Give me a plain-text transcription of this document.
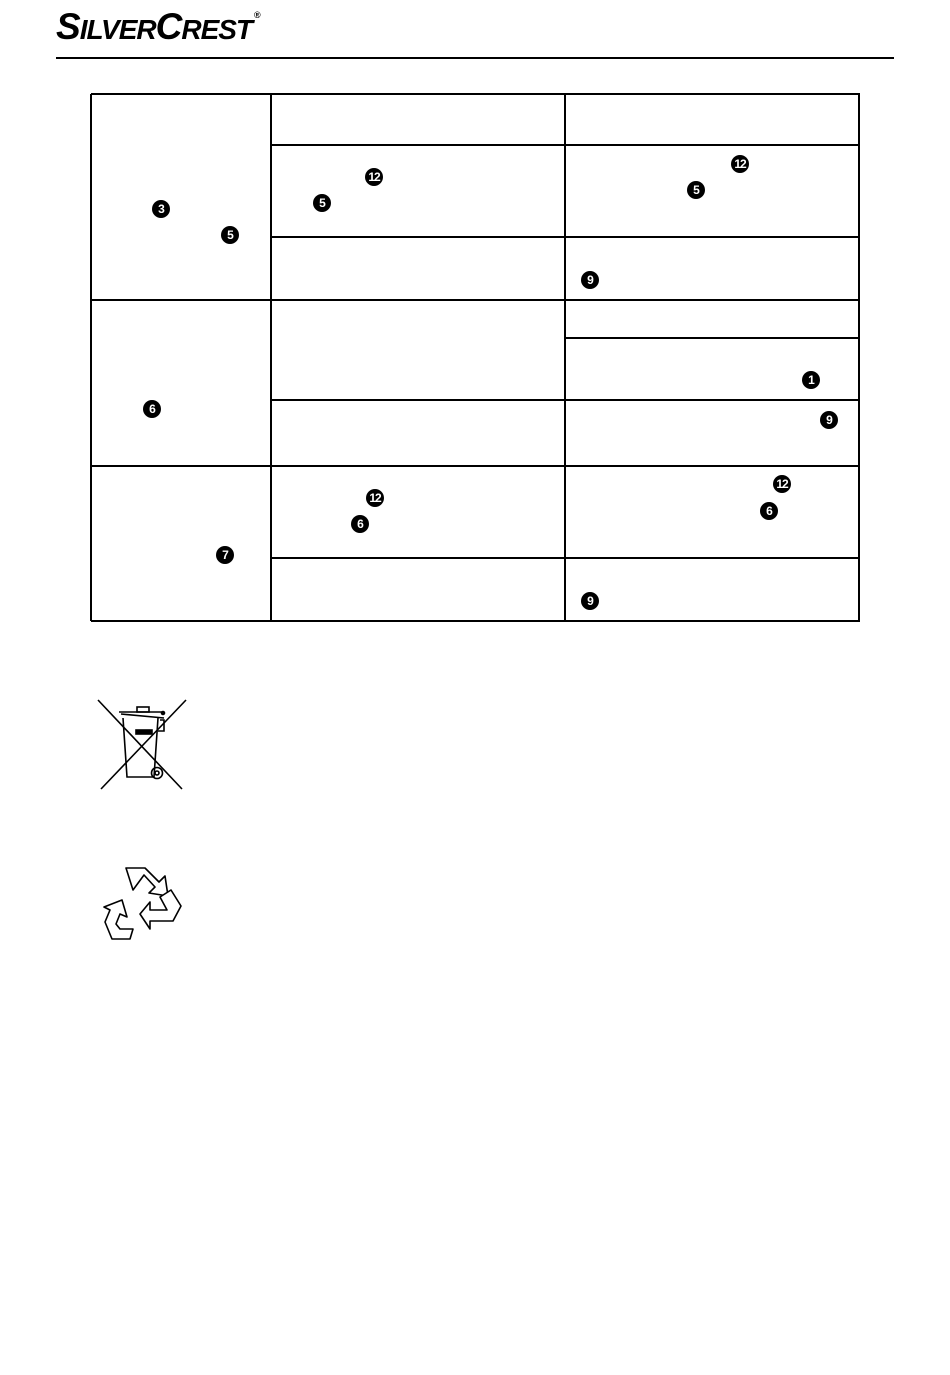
SILVERCREST ®
3
5
12
5
12
5
9
6
1
9
12
6
12
6
7
9
